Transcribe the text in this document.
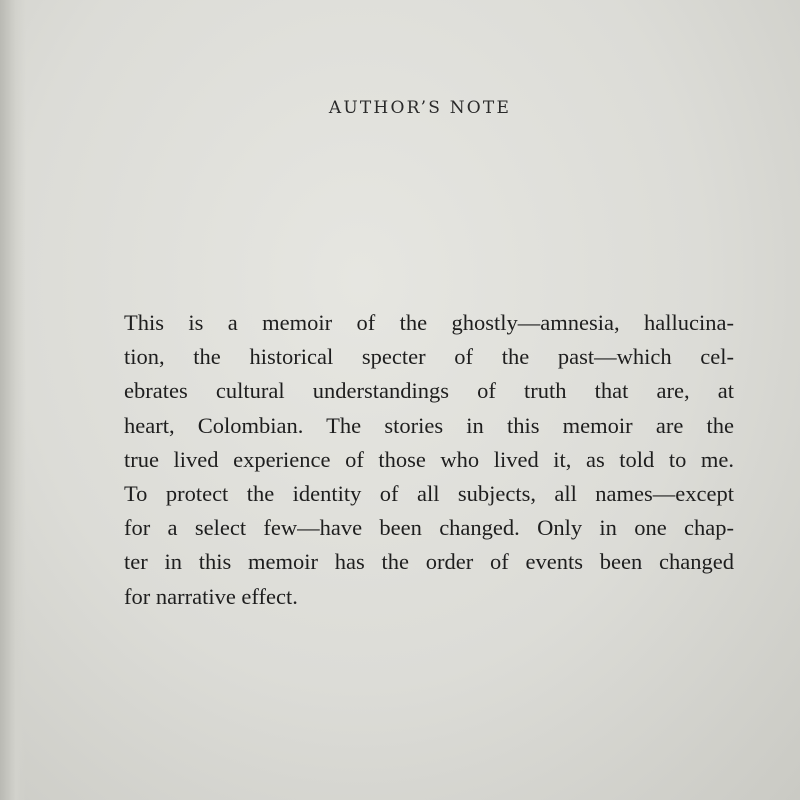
AUTHOR’S NOTE

This is a memoir of the ghostly—amnesia, hallucina-
tion, the historical specter of the past—which cel-
ebrates cultural understandings of truth that are, at
heart, Colombian. The stories in this memoir are the
true lived experience of those who lived it, as told to me.
To protect the identity of all subjects, all names—except
for a select few—have been changed. Only in one chap-
ter in this memoir has the order of events been changed
for narrative effect.
